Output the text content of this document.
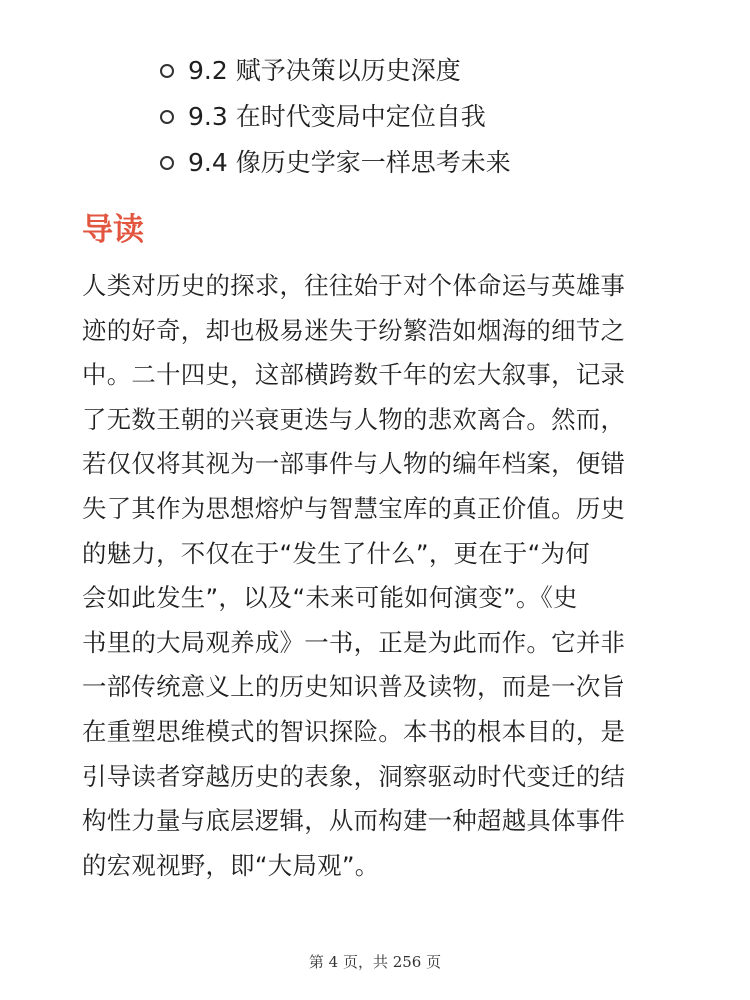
9.2 赋予决策以历史深度
9.3 在时代变局中定位自我
9.4 像历史学家一样思考未来
导读
人类对历史的探求，往往始于对个体命运与英雄事
迹的好奇，却也极易迷失于纷繁浩如烟海的细节之
中。二十四史，这部横跨数千年的宏大叙事，记录
了无数王朝的兴衰更迭与人物的悲欢离合。然而，
若仅仅将其视为一部事件与人物的编年档案，便错
失了其作为思想熔炉与智慧宝库的真正价值。历史
的魅力，不仅在于“发生了什么”，更在于“为何
会如此发生”，以及“未来可能如何演变”。《史
书里的大局观养成》一书，正是为此而作。它并非
一部传统意义上的历史知识普及读物，而是一次旨
在重塑思维模式的智识探险。本书的根本目的，是
引导读者穿越历史的表象，洞察驱动时代变迁的结
构性力量与底层逻辑，从而构建一种超越具体事件
的宏观视野，即“大局观”。
第 4 页，共 256 页
